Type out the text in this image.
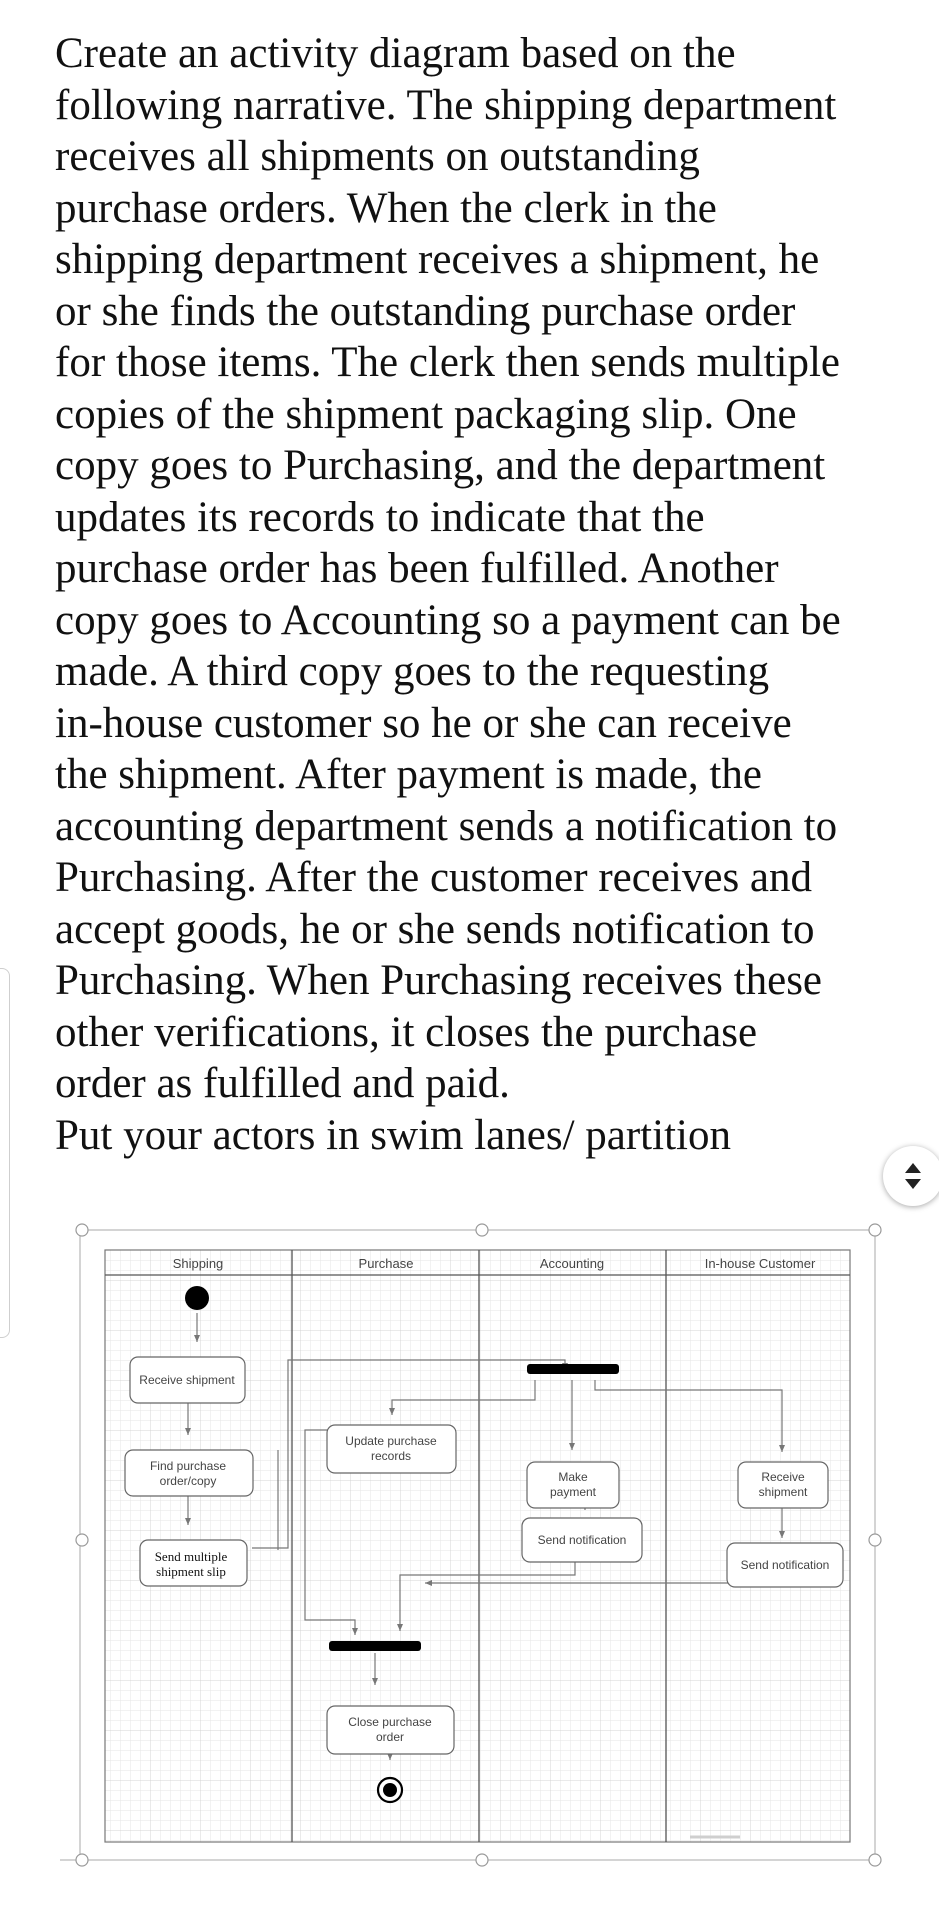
Create an activity diagram based on the

following narrative. The shipping department

receives all shipments on outstanding

purchase orders. When the clerk in the

shipping department receives a shipment, he

or she finds the outstanding purchase order

for those items. The clerk then sends multiple

copies of the shipment packaging slip. One

copy goes to Purchasing, and the department

updates its records to indicate that the

purchase order has been fulfilled. Another

copy goes to Accounting so a payment can be

made. A third copy goes to the requesting

in-house customer so he or she can receive

the shipment. After payment is made, the

accounting department sends a notification to

Purchasing. After the customer receives and

accept goods, he or she sends notification to

Purchasing. When Purchasing receives these

other verifications, it closes the purchase

order as fulfilled and paid.

Put your actors in swim lanes/ partition

Shipping	Purchase	Accounting	In-house Customer
Receive shipment
Find purchase
order/copy
Send multiple
shipment slip
Update purchase
records
Make
payment
Send notification
Receive
shipment
Send notification
Close purchase
order
